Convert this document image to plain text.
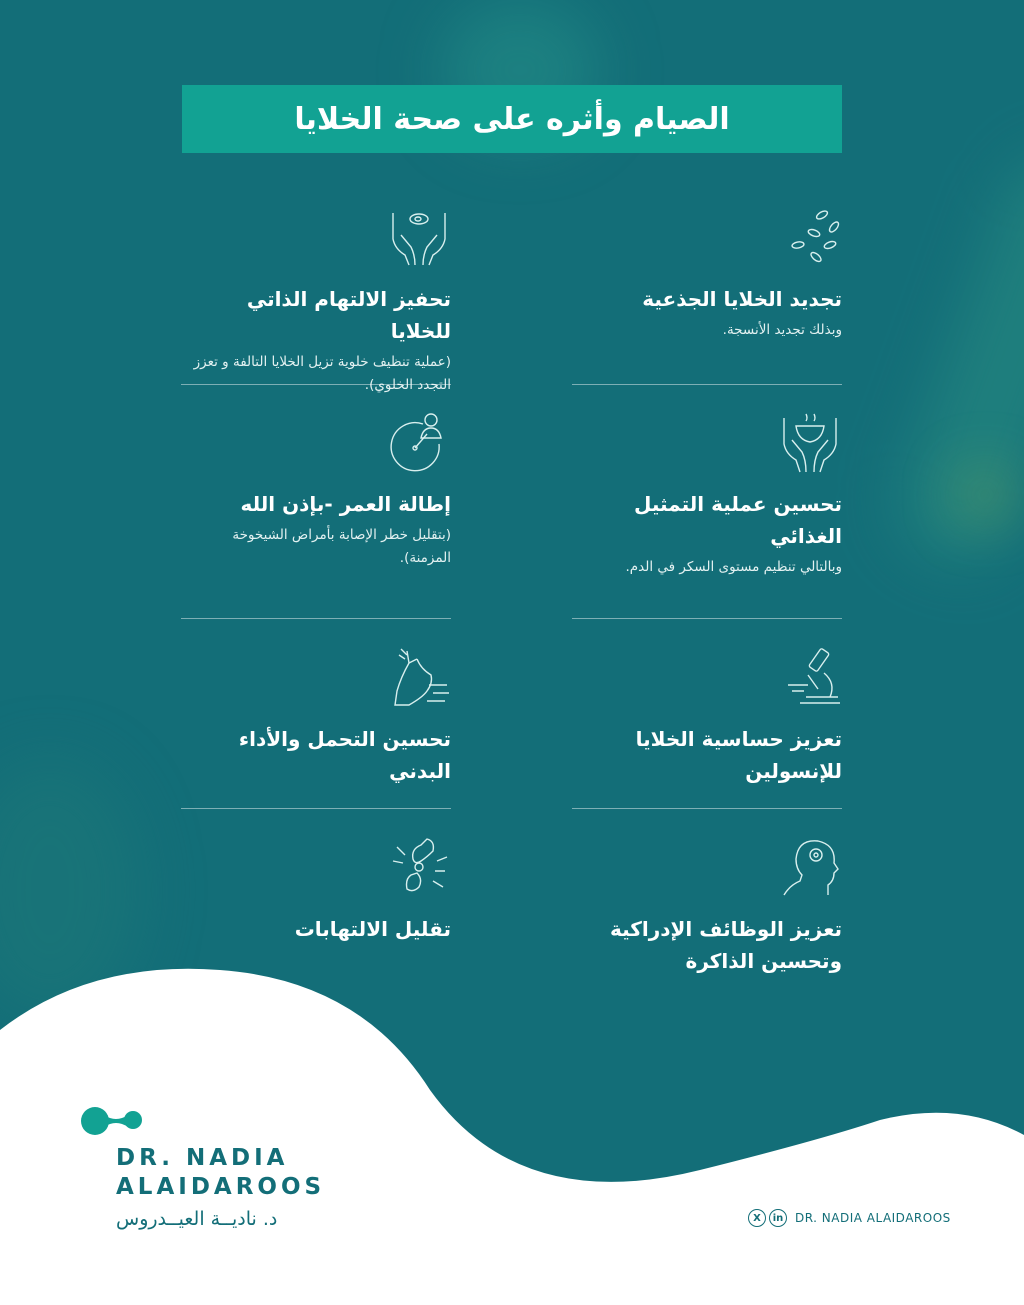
الصيام وأثره على صحة الخلايا
تجديد الخلايا الجذعية

وبذلك تجديد الأنسجة.

تحفيز الالتهام الذاتي للخلايا

(عملية تنظيف خلوية تزيل الخلايا التالفة و تعزز التجدد الخلوي).

تحسين عملية التمثيل الغذائي

وبالتالي تنظيم مستوى السكر في الدم.

إطالة العمر -بإذن الله

(بتقليل خطر الإصابة بأمراض الشيخوخة المزمنة).

تعزيز حساسية الخلايا للإنسولين

تحسين التحمل والأداء البدني

تعزيز الوظائف الإدراكية وتحسين الذاكرة

تقليل الالتهابات

DR. NADIA
ALAIDAROOS
د. نادیــة العیــدروس	X	in DR. NADIA ALAIDAROOS
